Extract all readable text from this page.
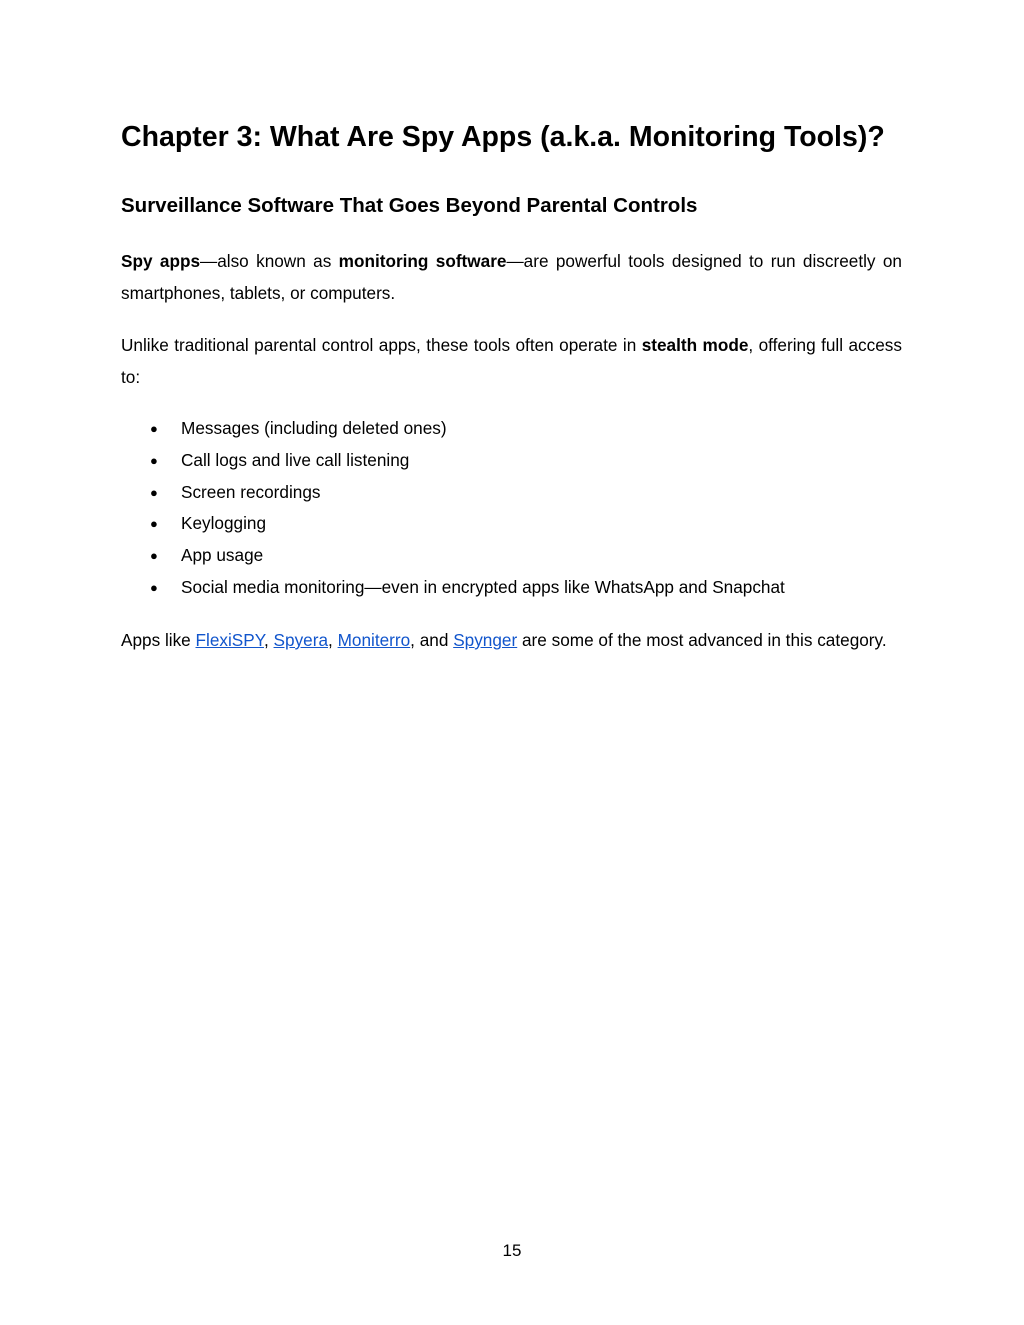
Chapter 3: What Are Spy Apps (a.k.a. Monitoring Tools)?
Surveillance Software That Goes Beyond Parental Controls

Spy apps—also known as monitoring software—are powerful tools designed to run discreetly on smartphones, tablets, or computers.

Unlike traditional parental control apps, these tools often operate in stealth mode, offering full access to:

● Messages (including deleted ones)
● Call logs and live call listening
● Screen recordings
● Keylogging
● App usage
● Social media monitoring—even in encrypted apps like WhatsApp and Snapchat

Apps like FlexiSPY, Spyera, Moniterro, and Spynger are some of the most advanced in this category.

15
